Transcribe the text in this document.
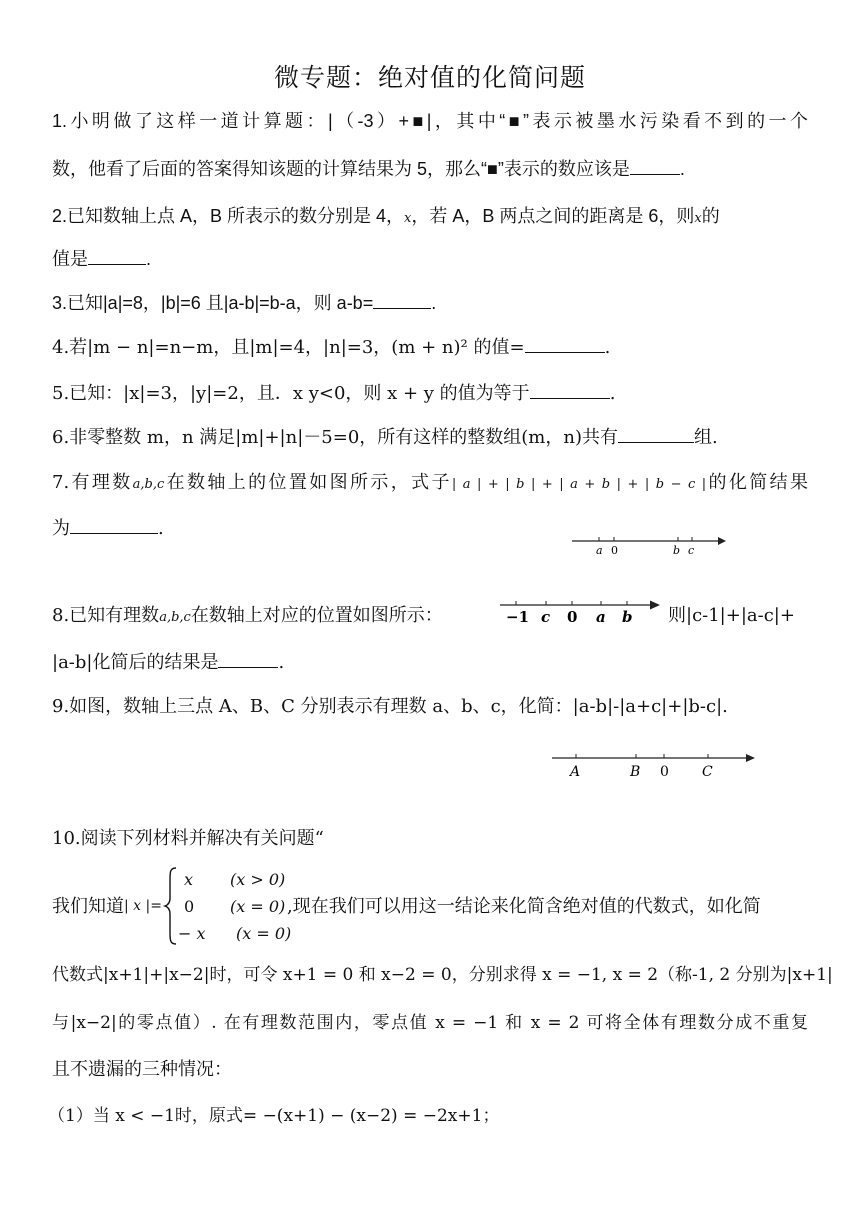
微专题：绝对值的化简问题
1.小明做了这样一道计算题：|（-3）+■|，其中“■”表示被墨水污染看不到的一个
数，他看了后面的答案得知该题的计算结果为 5，那么“■”表示的数应该是	.
2.已知数轴上点 A，B 所表示的数分别是 4，x，若 A，B 两点之间的距离是 6，则x的
值是	.
3.已知|a|=8，|b|=6 且|a-b|=b-a，则 a-b=	.
4.若|m − n|=n−m，且|m|=4，|n|=3，(m + n)² 的值=	.
5.已知：|x|=3，|y|=2，且．x y<0，则 x + y 的值为等于	.
6.非零整数 m，n 满足|m|+|n|－5=0，所有这样的整数组(m，n)共有	组.
7.有理数a,b,c在数轴上的位置如图所示，式子| a | + | b | + | a + b | + | b − c |的化简结果
为	.
a 0	b c
8.已知有理数a,b,c在数轴上对应的位置如图所示：	−1 c 0 a b 则|c-1|+|a-c|+
|a-b|化简后的结果是	.
9.如图，数轴上三点 A、B、C 分别表示有理数 a、b、c，化简：|a-b|-|a+c|+|b-c|.
A	B 0 C
10.阅读下列材料并解决有关问题“
我们知道 | x |=
x (x > 0)
0 (x = 0)
− x (x = 0)
,现在我们可以用这一结论来化简含绝对值的代数式，如化简
代数式|x+1|+|x−2|时，可令 x+1 = 0 和 x−2 = 0，分别求得 x = −1, x = 2（称-1, 2 分别为|x+1|
与|x−2|的零点值）. 在有理数范围内，零点值 x = −1 和 x = 2 可将全体有理数分成不重复
且不遗漏的三种情况：
（1）当 x < −1时，原式= −(x+1) − (x−2) = −2x+1；
